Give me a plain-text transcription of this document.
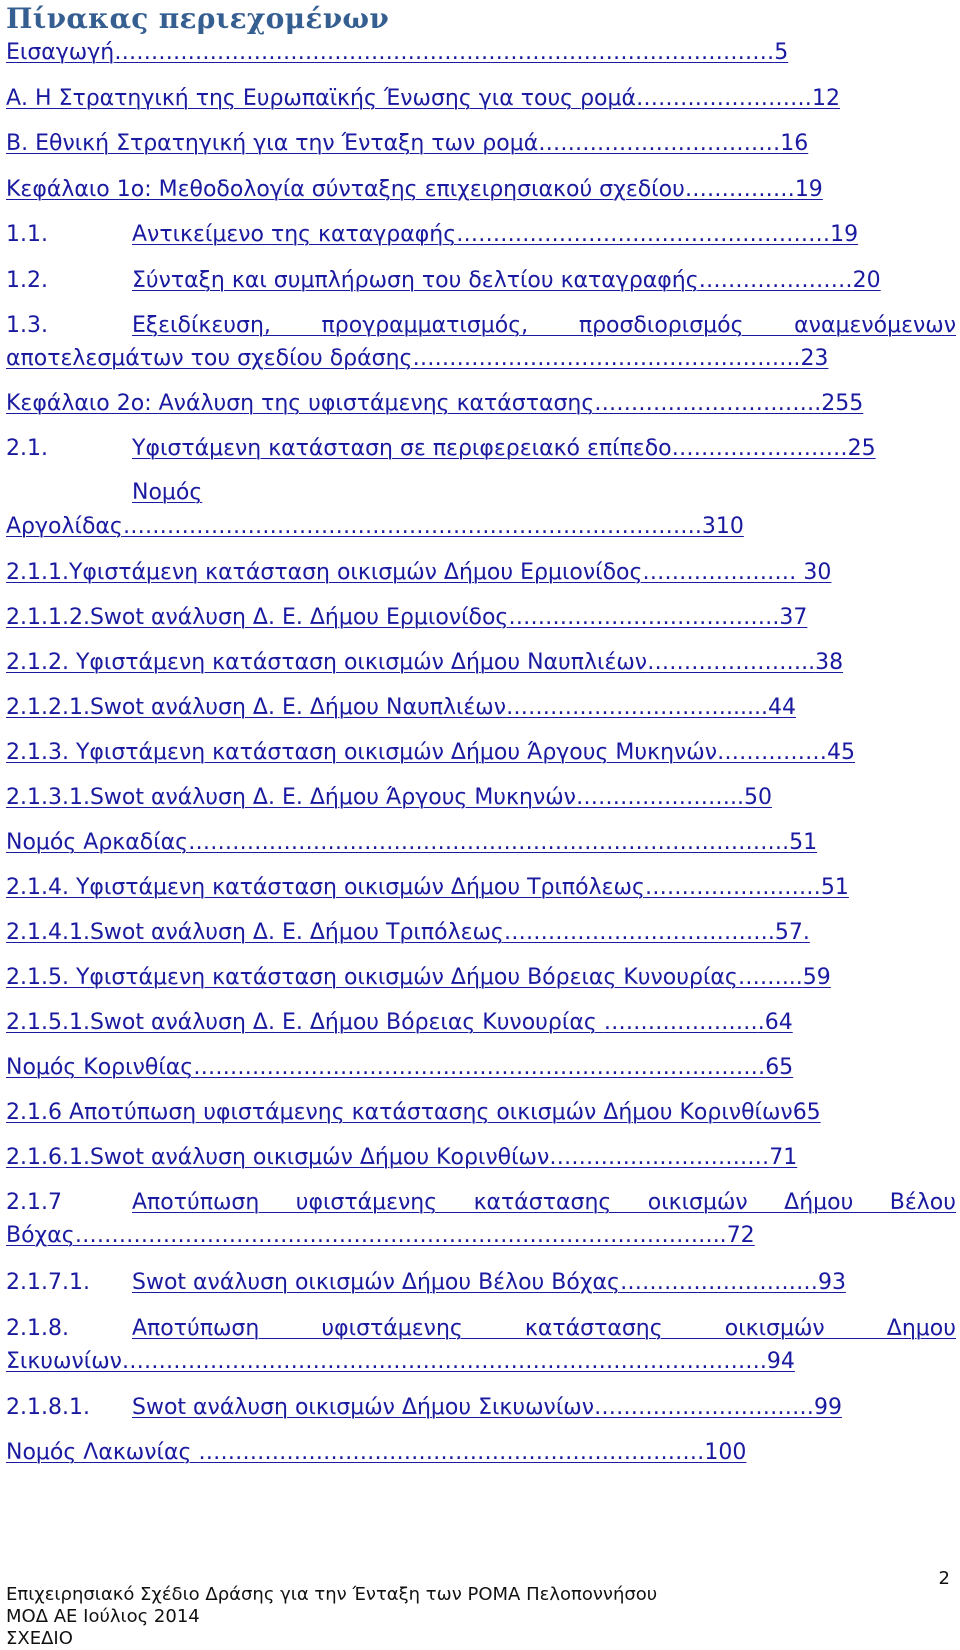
Πίνακας περιεχομένων
Εισαγωγή………………………………………………………………………………5
Α. Η Στρατηγική της Ευρωπαϊκής Ένωσης για τους ρομά……………………12
Β. Εθνική Στρατηγική για την Ένταξη των ρομά……………………………16
Κεφάλαιο 1ο: Μεθοδολογία σύνταξης επιχειρησιακού σχεδίου……………19
1.1.	Αντικείμενο της καταγραφής……………………………………………19
1.2.	Σύνταξη και συμπλήρωση του δελτίου καταγραφής…………………20
1.3.	Εξειδίκευση, προγραμματισμός, προσδιορισμός αναμενόμενων
αποτελεσμάτων του σχεδίου δράσης……………………………………………..23
Κεφάλαιο 2ο: Ανάλυση της υφιστάμενης κατάστασης………………………….255
2.1.	Υφιστάμενη κατάσταση σε περιφερειακό επίπεδο……………………25
Νομός
Αργολίδας…………………………………………………………………….310
2.1.1.Υφιστάμενη κατάσταση οικισμών Δήμου Ερμιονίδος………………… 30
2.1.1.2.Swot ανάλυση Δ. Ε. Δήμου Ερμιονίδος……………………………….37
2.1.2. Υφιστάμενη κατάσταση οικισμών Δήμου Ναυπλιέων…………………..38
2.1.2.1.Swot ανάλυση Δ. Ε. Δήμου Ναυπλιέων…………………………......44
2.1.3. Υφιστάμενη κατάσταση οικισμών Δήμου Άργους Μυκηνών……………45
2.1.3.1.Swot ανάλυση Δ. Ε. Δήμου Άργους Μυκηνών…………………..50
Νομός Αρκαδίας……………………………………………………………………….51
2.1.4. Υφιστάμενη κατάσταση οικισμών Δήμου Τριπόλεως……………………51
2.1.4.1.Swot ανάλυση Δ. Ε. Δήμου Τριπόλεως……………………………….57.
2.1.5. Υφιστάμενη κατάσταση οικισμών Δήμου Βόρειας Κυνουρίας……...59
2.1.5.1.Swot ανάλυση Δ. Ε. Δήμου Βόρειας Κυνουρίας ………………….64
Νομός Κορινθίας……………………………………………………………………65
2.1.6 Αποτύπωση υφιστάμενης κατάστασης οικισμών Δήμου Κορινθίων65
2.1.6.1.Swot ανάλυση οικισμών Δήμου Κορινθίων…………………………71
2.1.7	Αποτύπωση υφιστάμενης κατάστασης οικισμών Δήμου Βέλου
Βόχας……………………………………………………………………………..72
2.1.7.1. Swot ανάλυση οικισμών Δήμου Βέλου Βόχας………………………93
2.1.8.	Αποτύπωση υφιστάμενης κατάστασης οικισμών Δημου
Σικυωνίων…………………………………………………………………………….94
2.1.8.1. Swot ανάλυση οικισμών Δήμου Σικυωνίων…………………………99
Νομός Λακωνίας ……………………………………………………………100
2
Επιχειρησιακό Σχέδιο Δράσης για την Ένταξη των ΡΟΜΑ Πελοποννήσου
ΜΟΔ ΑΕ Ιούλιος 2014
ΣΧΕΔΙΟ
